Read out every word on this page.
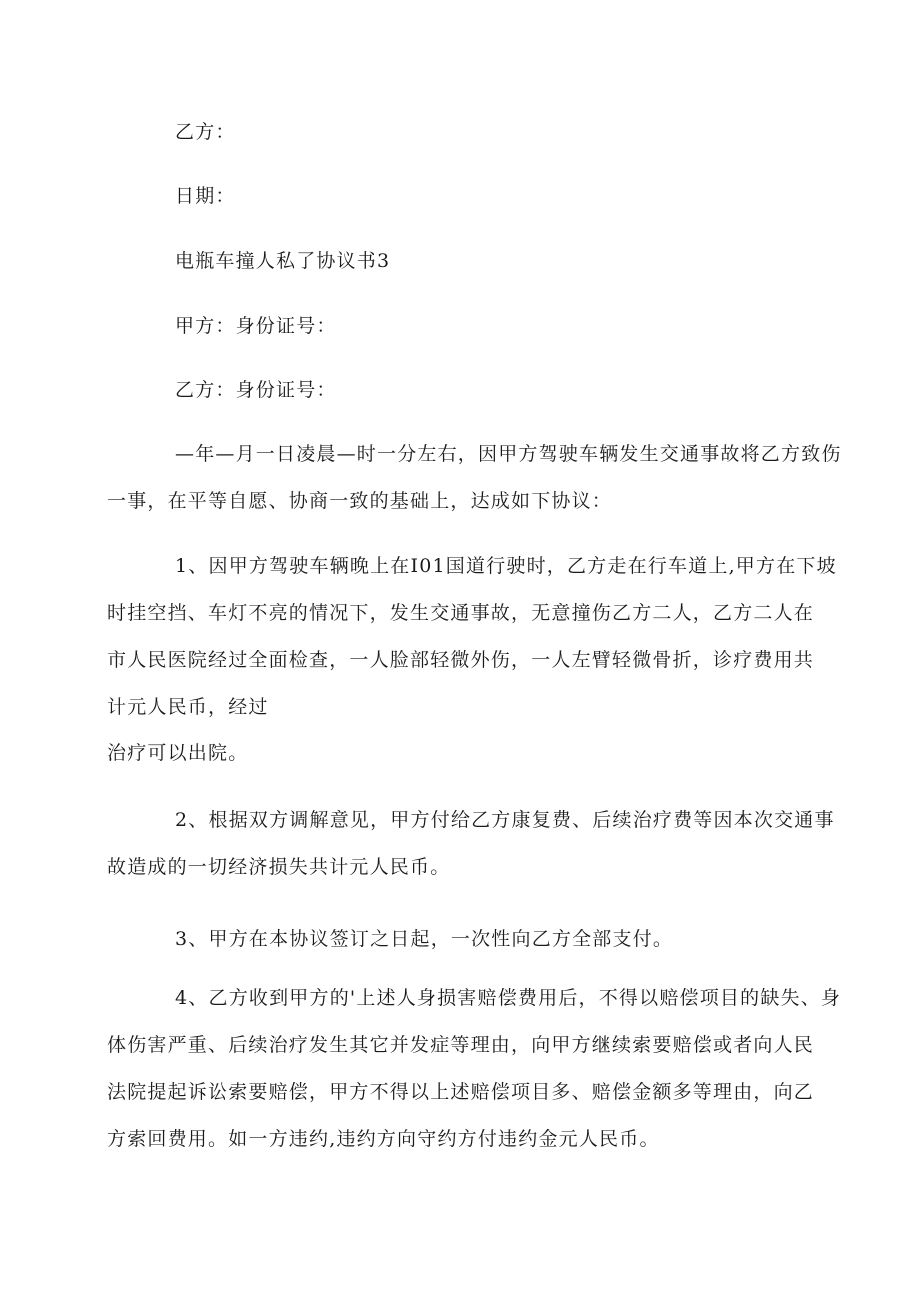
乙方：
日期：
电瓶车撞人私了协议书3
甲方：身份证号：
乙方：身份证号：
—年—月一日凌晨—时一分左右，因甲方驾驶车辆发生交通事故将乙方致伤
一事，在平等自愿、协商一致的基础上，达成如下协议：
1、因甲方驾驶车辆晚上在I01国道行驶时，乙方走在行车道上,甲方在下坡
时挂空挡、车灯不亮的情况下，发生交通事故，无意撞伤乙方二人，乙方二人在
市人民医院经过全面检查，一人脸部轻微外伤，一人左臂轻微骨折，诊疗费用共
计元人民币，经过
治疗可以出院。
2、根据双方调解意见，甲方付给乙方康复费、后续治疗费等因本次交通事
故造成的一切经济损失共计元人民币。
3、甲方在本协议签订之日起，一次性向乙方全部支付。
4、乙方收到甲方的'上述人身损害赔偿费用后，不得以赔偿项目的缺失、身
体伤害严重、后续治疗发生其它并发症等理由，向甲方继续索要赔偿或者向人民
法院提起诉讼索要赔偿，甲方不得以上述赔偿项目多、赔偿金额多等理由，向乙
方索回费用。如一方违约,违约方向守约方付违约金元人民币。
